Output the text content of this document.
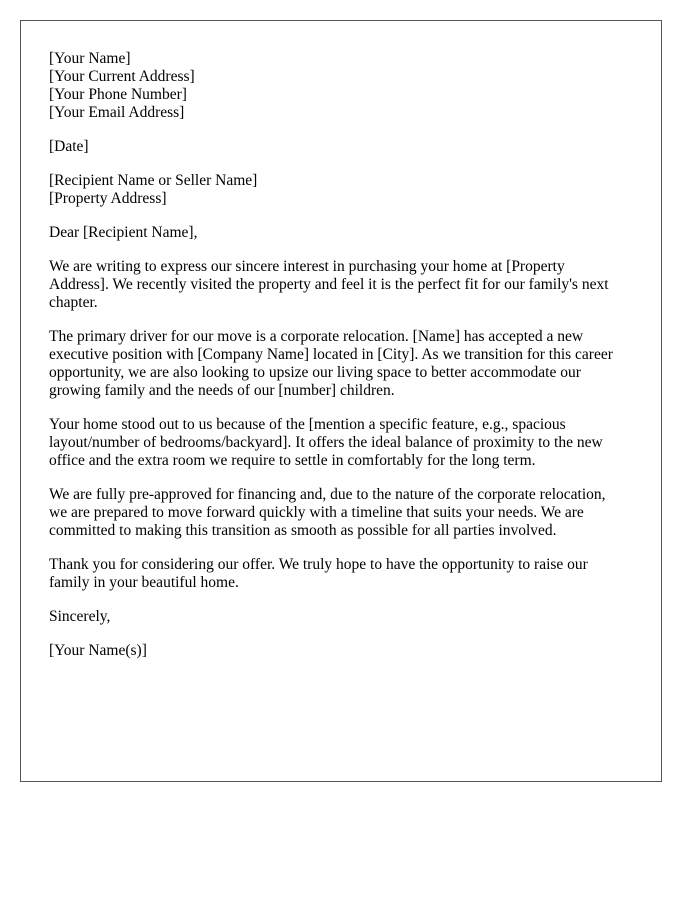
[Your Name]
[Your Current Address]
[Your Phone Number]
[Your Email Address]
[Date]
[Recipient Name or Seller Name]
[Property Address]
Dear [Recipient Name],
We are writing to express our sincere interest in purchasing your home at [Property
Address]. We recently visited the property and feel it is the perfect fit for our family's next
chapter.
The primary driver for our move is a corporate relocation. [Name] has accepted a new
executive position with [Company Name] located in [City]. As we transition for this career
opportunity, we are also looking to upsize our living space to better accommodate our
growing family and the needs of our [number] children.
Your home stood out to us because of the [mention a specific feature, e.g., spacious
layout/number of bedrooms/backyard]. It offers the ideal balance of proximity to the new
office and the extra room we require to settle in comfortably for the long term.
We are fully pre-approved for financing and, due to the nature of the corporate relocation,
we are prepared to move forward quickly with a timeline that suits your needs. We are
committed to making this transition as smooth as possible for all parties involved.
Thank you for considering our offer. We truly hope to have the opportunity to raise our
family in your beautiful home.
Sincerely,
[Your Name(s)]
